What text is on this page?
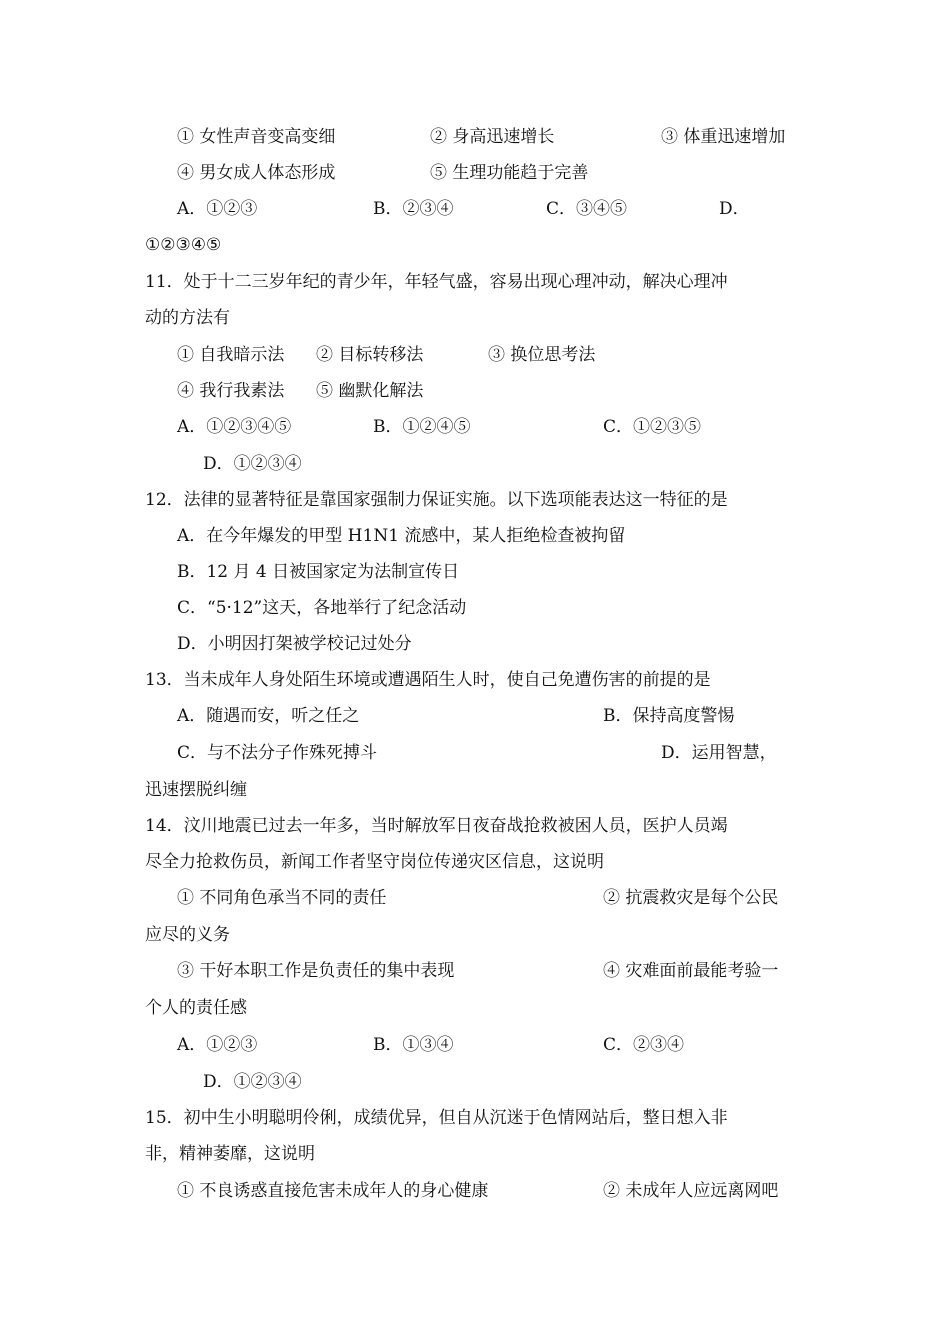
① 女性声音变高变细	② 身高迅速增长	③ 体重迅速增加
④ 男女成人体态形成	⑤ 生理功能趋于完善
A．①②③	B．②③④	C．③④⑤	D．
①②③④⑤
11．处于十二三岁年纪的青少年，年轻气盛，容易出现心理冲动，解决心理冲
动的方法有
① 自我暗示法 ② 目标转移法	③ 换位思考法
④ 我行我素法 ⑤ 幽默化解法
A．①②③④⑤	B．①②④⑤	C．①②③⑤
D．①②③④
12．法律的显著特征是靠国家强制力保证实施。以下选项能表达这一特征的是
A．在今年爆发的甲型 H1N1 流感中，某人拒绝检查被拘留
B．12 月 4 日被国家定为法制宣传日
C．“5·12”这天，各地举行了纪念活动
D．小明因打架被学校记过处分
13．当未成年人身处陌生环境或遭遇陌生人时，使自己免遭伤害的前提的是
A．随遇而安，听之任之	B．保持高度警惕
C．与不法分子作殊死搏斗	D．运用智慧，
迅速摆脱纠缠
14．汶川地震已过去一年多，当时解放军日夜奋战抢救被困人员，医护人员竭
尽全力抢救伤员，新闻工作者坚守岗位传递灾区信息，这说明
① 不同角色承当不同的责任	② 抗震救灾是每个公民
应尽的义务
③ 干好本职工作是负责任的集中表现	④ 灾难面前最能考验一
个人的责任感
A．①②③	B．①③④	C．②③④
D．①②③④
15．初中生小明聪明伶俐，成绩优异，但自从沉迷于色情网站后，整日想入非
非，精神萎靡，这说明
① 不良诱惑直接危害未成年人的身心健康	② 未成年人应远离网吧
